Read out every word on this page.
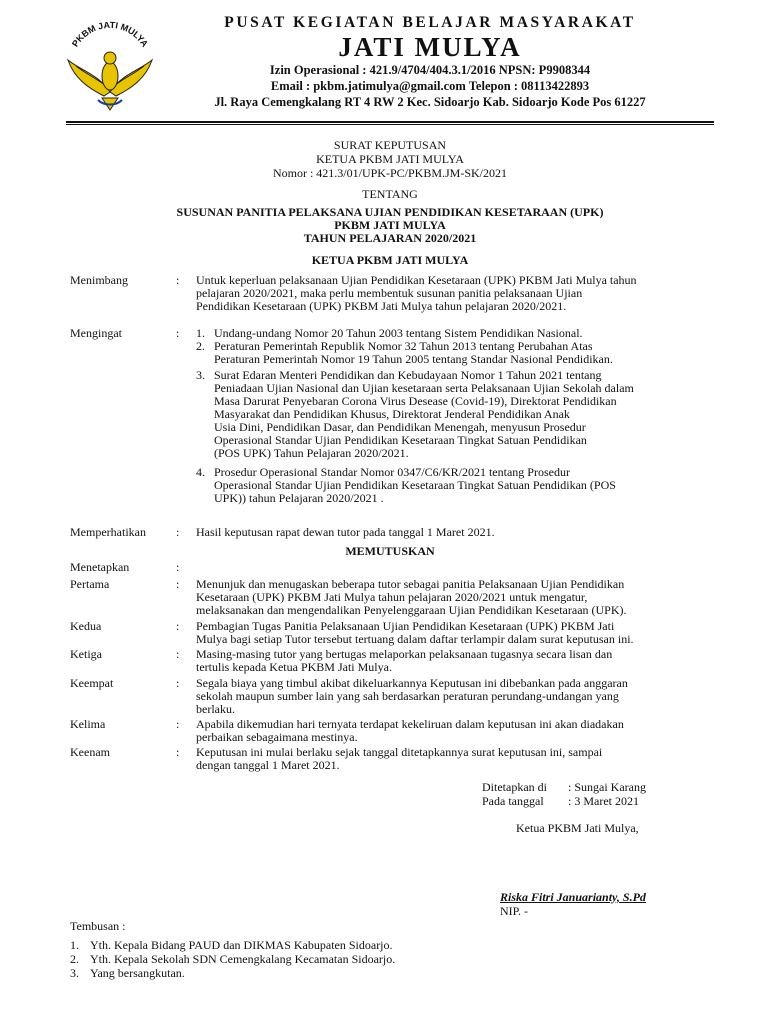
PKBM JATI MULYA

PUSAT KEGIATAN BELAJAR MASYARAKAT

JATI MULYA

Izin Operasional : 421.9/4704/404.3.1/2016 NPSN: P9908344

Email : pkbm.jatimulya@gmail.com Telepon : 08113422893

Jl. Raya Cemengkalang RT 4 RW 2 Kec. Sidoarjo Kab. Sidoarjo Kode Pos 61227

SURAT KEPUTUSAN

KETUA PKBM JATI MULYA

Nomor : 421.3/01/UPK-PC/PKBM.JM-SK/2021

TENTANG

SUSUNAN PANITIA PELAKSANA UJIAN PENDIDIKAN KESETARAAN (UPK)

PKBM JATI MULYA

TAHUN PELAJARAN 2020/2021

KETUA PKBM JATI MULYA

Menimbang	: Untuk keperluan pelaksanaan Ujian Pendidikan Kesetaraan (UPK) PKBM Jati Mulya tahun
pelajaran 2020/2021, maka perlu membentuk susunan panitia pelaksanaan Ujian
Pendidikan Kesetaraan (UPK) PKBM Jati Mulya tahun pelajaran 2020/2021.
Mengingat	: 1. Undang-undang Nomor 20 Tahun 2003 tentang Sistem Pendidikan Nasional.
2. Peraturan Pemerintah Republik Nomor 32 Tahun 2013 tentang Perubahan Atas
Peraturan Pemerintah Nomor 19 Tahun 2005 tentang Standar Nasional Pendidikan.
3. Surat Edaran Menteri Pendidikan dan Kebudayaan Nomor 1 Tahun 2021 tentang
Peniadaan Ujian Nasional dan Ujian kesetaraan serta Pelaksanaan Ujian Sekolah dalam
Masa Darurat Penyebaran Corona Virus Desease (Covid-19), Direktorat Pendidikan
Masyarakat dan Pendidikan Khusus, Direktorat Jenderal Pendidikan Anak
Usia Dini, Pendidikan Dasar, dan Pendidikan Menengah, menyusun Prosedur
Operasional Standar Ujian Pendidikan Kesetaraan Tingkat Satuan Pendidikan
(POS UPK) Tahun Pelajaran 2020/2021.
4. Prosedur Operasional Standar Nomor 0347/C6/KR/2021 tentang Prosedur
Operasional Standar Ujian Pendidikan Kesetaraan Tingkat Satuan Pendidikan (POS
UPK)) tahun Pelajaran 2020/2021 .
Memperhatikan	: Hasil keputusan rapat dewan tutor pada tanggal 1 Maret 2021.

MEMUTUSKAN

Menetapkan	:
Pertama	: Menunjuk dan menugaskan beberapa tutor sebagai panitia Pelaksanaan Ujian Pendidikan
Kesetaraan (UPK) PKBM Jati Mulya tahun pelajaran 2020/2021 untuk mengatur,
melaksanakan dan mengendalikan Penyelenggaraan Ujian Pendidikan Kesetaraan (UPK).
Kedua	: Pembagian Tugas Panitia Pelaksanaan Ujian Pendidikan Kesetaraan (UPK) PKBM Jati
Mulya bagi setiap Tutor tersebut tertuang dalam daftar terlampir dalam surat keputusan ini.
Ketiga	: Masing-masing tutor yang bertugas melaporkan pelaksanaan tugasnya secara lisan dan
tertulis kepada Ketua PKBM Jati Mulya.
Keempat	: Segala biaya yang timbul akibat dikeluarkannya Keputusan ini dibebankan pada anggaran
sekolah maupun sumber lain yang sah berdasarkan peraturan perundang-undangan yang
berlaku.
Kelima	: Apabila dikemudian hari ternyata terdapat kekeliruan dalam keputusan ini akan diadakan
perbaikan sebagaimana mestinya.
Keenam	: Keputusan ini mulai berlaku sejak tanggal ditetapkannya surat keputusan ini, sampai
dengan tanggal 1 Maret 2021.
Ditetapkan di : Sungai Karang
Pada tanggal : 3 Maret 2021
Ketua PKBM Jati Mulya,
Riska Fitri Januarianty, S.Pd
NIP. -
Tembusan :
1. Yth. Kepala Bidang PAUD dan DIKMAS Kabupaten Sidoarjo.
2. Yth. Kepala Sekolah SDN Cemengkalang Kecamatan Sidoarjo.
3. Yang bersangkutan.
